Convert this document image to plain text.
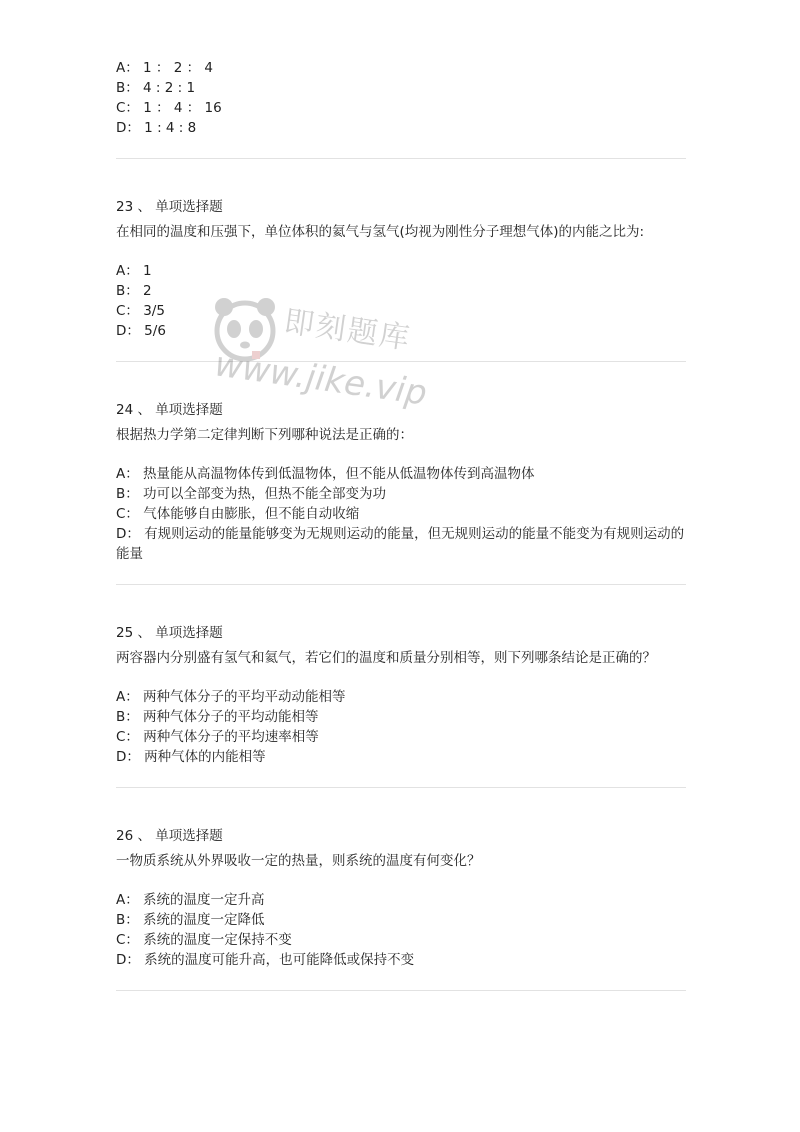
A： 1 ： 2 ： 4
B： 4 : 2 : 1
C： 1 ： 4 ： 16
D： 1 : 4 : 8
23 、 单项选择题
在相同的温度和压强下，单位体积的氦气与氢气(均视为刚性分子理想气体)的内能之比为:
A： 1
B： 2
C： 3/5
D： 5/6
24 、 单项选择题
根据热力学第二定律判断下列哪种说法是正确的：
A： 热量能从高温物体传到低温物体，但不能从低温物体传到高温物体
B： 功可以全部变为热，但热不能全部变为功
C： 气体能够自由膨胀，但不能自动收缩
D： 有规则运动的能量能够变为无规则运动的能量，但无规则运动的能量不能变为有规则运动的能量
25 、 单项选择题
两容器内分别盛有氢气和氦气，若它们的温度和质量分别相等，则下列哪条结论是正确的？
A： 两种气体分子的平均平动动能相等
B： 两种气体分子的平均动能相等
C： 两种气体分子的平均速率相等
D： 两种气体的内能相等
26 、 单项选择题
一物质系统从外界吸收一定的热量，则系统的温度有何变化？
A： 系统的温度一定升高
B： 系统的温度一定降低
C： 系统的温度一定保持不变
D： 系统的温度可能升高，也可能降低或保持不变
即刻题库
www.jike.vip
